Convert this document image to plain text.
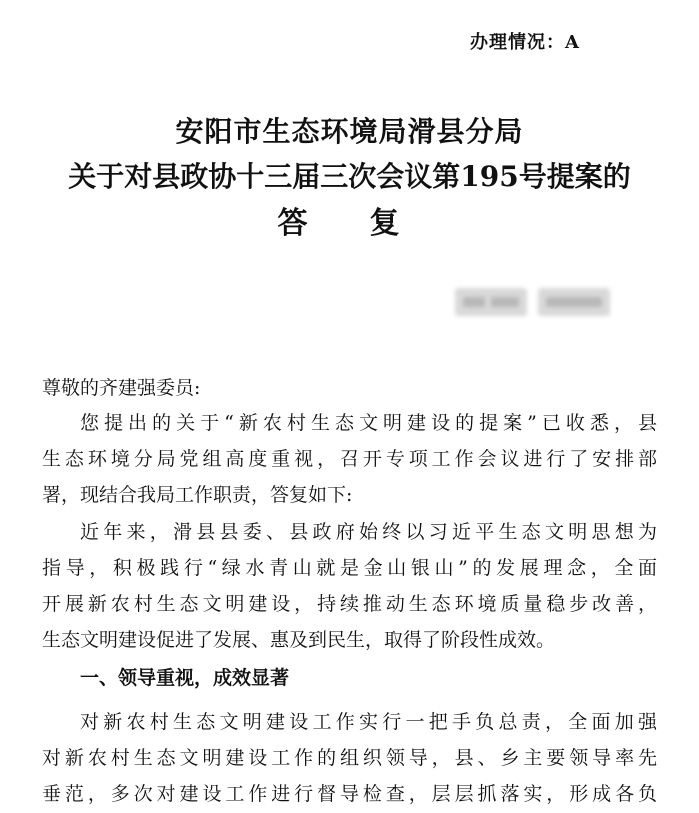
办理情况：A
安阳市生态环境局滑县分局
关于对县政协十三届三次会议第195号提案的
答复
尊敬的齐建强委员:
您提出的关于“新农村生态文明建设的提案”已收悉，县
生态环境分局党组高度重视，召开专项工作会议进行了安排部
署，现结合我局工作职责，答复如下:
近年来，滑县县委、县政府始终以习近平生态文明思想为
指导，积极践行“绿水青山就是金山银山”的发展理念，全面
开展新农村生态文明建设，持续推动生态环境质量稳步改善，
生态文明建设促进了发展、惠及到民生，取得了阶段性成效。
一、领导重视，成效显著
对新农村生态文明建设工作实行一把手负总责，全面加强
对新农村生态文明建设工作的组织领导，县、乡主要领导率先
垂范，多次对建设工作进行督导检查，层层抓落实，形成各负
